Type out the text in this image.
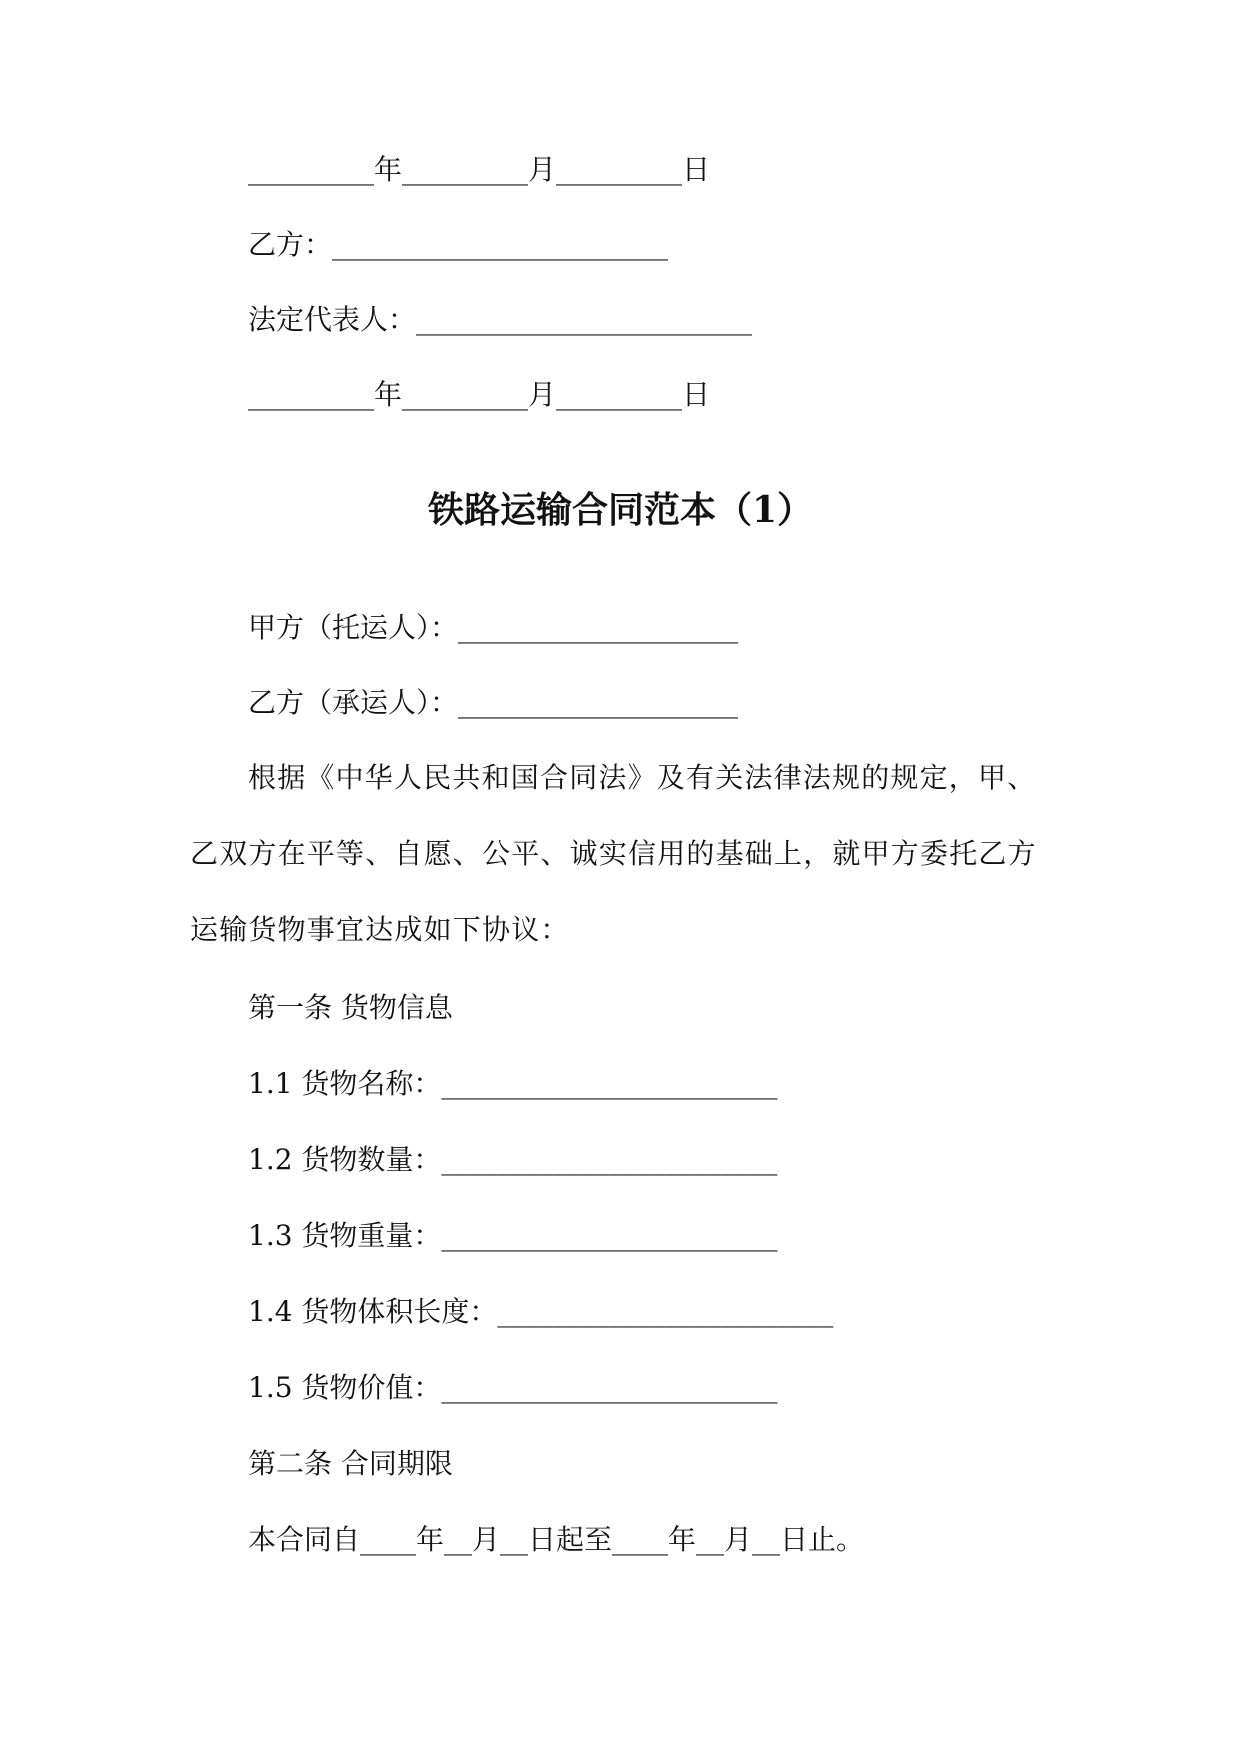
_________年_________月_________日
乙方：________________________
法定代表人：________________________
_________年_________月_________日
铁路运输合同范本（1）
甲方（托运人）：____________________
乙方（承运人）：____________________
根据《中华人民共和国合同法》及有关法律法规的规定，甲、乙双方在平等、自愿、公平、诚实信用的基础上，就甲方委托乙方运输货物事宜达成如下协议：
第一条 货物信息
1.1 货物名称：________________________
1.2 货物数量：________________________
1.3 货物重量：________________________
1.4 货物体积长度：________________________
1.5 货物价值：________________________
第二条 合同期限
本合同自____年__月__日起至____年__月__日止。
